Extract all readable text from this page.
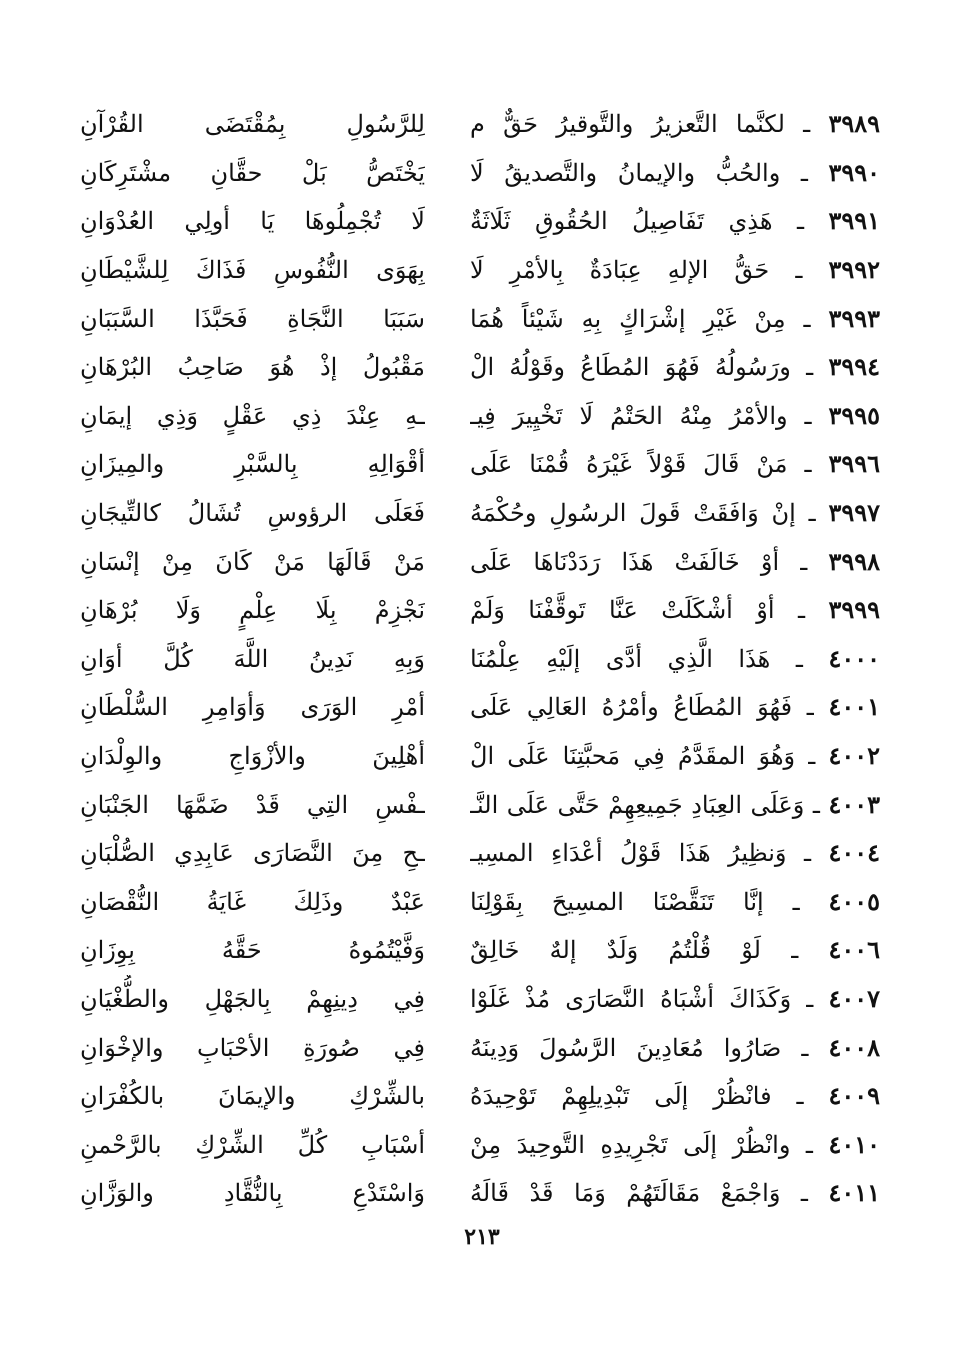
٣٩٨٩ ـ لكنَّما التَّعزيرُ والتَّوقيرُ حَقٌّ م
لِلرَّسُولِ بِمُقْتَضَى القُرْآنِ
٣٩٩٠ ـ والحُبُّ والإيمانُ والتَّصديقُ لَا
يَخْتَصُّ بَلْ حقَّانِ مشْتَرِكَانِ
٣٩٩١ ـ هَذِي تَفَاصِيلُ الحُقُوقِ ثَلَاثَةٌ
لَا تُجْمِلُوهَا يَا أولِي العُدْوَانِ
٣٩٩٢ ـ حَقُّ الإلهِ عِبَادَةٌ بِالأمْرِ لَا
بِهَوَى النُّفُوسِ فَذَاكَ لِلشَّيْطَانِ
٣٩٩٣ ـ مِنْ غَيْرِ إشْرَاكٍ بِهِ شَيْئاً هُمَا
سَبَبَا النَّجَاةِ فَحَبَّذَا السَّبَبَانِ
٣٩٩٤ ـ ورَسُولُهُ فَهُوَ المُطَاعُ وقَوْلُهُ الْ
مَقْبُولُ إذْ هُوَ صَاحِبُ البُرْهَانِ
٣٩٩٥ ـ والأمْرُ مِنْهُ الحَتْمُ لَا تَخْيِيرَ فِيـ
ـهِ عِنْدَ ذِي عَقْلٍ وَذِي إيمَانِ
٣٩٩٦ ـ مَنْ قَالَ قَوْلاً غَيْرَهُ قُمْنَا عَلَى
أقْوَالِهِ بِالسَّبْرِ والمِيزَانِ
٣٩٩٧ ـ إنْ وَافَقَتْ قَولَ الرسُولِ وحُكْمَهُ
فَعَلَى الرؤوسِ تُشَالُ كالتِّيجَانِ
٣٩٩٨ ـ أوْ خَالَفَتْ هَذَا رَدَدْنَاهَا عَلَى
مَنْ قَالَهَا مَنْ كَانَ مِنْ إنْسَانِ
٣٩٩٩ ـ أوْ أشْكَلَتْ عَنَّا تَوقَّفْنَا وَلَمْ
نَجْزِمْ بِلَا عِلْمٍ وَلَا بُرْهَانِ
٤٠٠٠ ـ هَذَا الَّذِي أدَّى إلَيْهِ عِلْمُنَا
وَبِهِ نَدِينُ اللَّهَ كُلَّ أوَانِ
٤٠٠١ ـ فَهُوَ المُطَاعُ وأمْرُهُ العَالِي عَلَى
أمْرِ الوَرَى وَأوَامِرِ السُّلْطَانِ
٤٠٠٢ ـ وَهُوَ المقَدَّمُ فِي مَحبَّتِنَا عَلَى الْ
أهْلِينَ والأزْوَاجِ والوِلْدَانِ
٤٠٠٣ ـ وَعَلَى العِبَادِ جَمِيعِهِمْ حَتَّى عَلَى النَّـ
ـفْسِ التِي قَدْ ضَمَّهَا الجَنْبَانِ
٤٠٠٤ ـ وَنظِيرُ هَذَا قَوْلُ أعْدَاءِ المسِيـ
ـحِ مِنَ النَّصَارَى عَابِدِي الصُّلْبَانِ
٤٠٠٥ ـ إنَّا تَنَقَّصْنَا المسِيحَ بِقَوْلِنَا
عَبْدٌ وذَلِكَ غَايَةُ النُّقْصَانِ
٤٠٠٦ ـ لَوْ قُلْتُمُ وَلَدٌ إلهٌ خَالِقٌ
وَفَّيْتُمُوهُ حَقَّهُ بِوِزَانِ
٤٠٠٧ ـ وَكَذَاكَ أشْبَاهُ النَّصَارَى مُذْ غَلَوْا
فِي دِينِهِمْ بِالجَهْلِ والطُّغْيَانِ
٤٠٠٨ ـ صَارُوا مُعَادِينَ الرَّسُولَ وَدِينَهُ
فِي صُورَةِ الأحْبَابِ والإخْوَانِ
٤٠٠٩ ـ فانْظُرْ إلَى تَبْدِيلِهِمْ تَوْحِيدَهُ
بالشِّرْكِ والإيمَانَ بالكُفْرَانِ
٤٠١٠ ـ وانْظُرْ إلَى تَجْرِيدِهِ التَّوحِيدَ مِنْ
أسْبَابِ كُلِّ الشِّرْكِ بالرَّحْمنِ
٤٠١١ ـ وَاجْمَعْ مَقَالَتَهُمْ وَمَا قَدْ قَالَهُ
وَاسْتَدْعِ بِالنُّقَّادِ والوَزَّانِ
٢١٣
